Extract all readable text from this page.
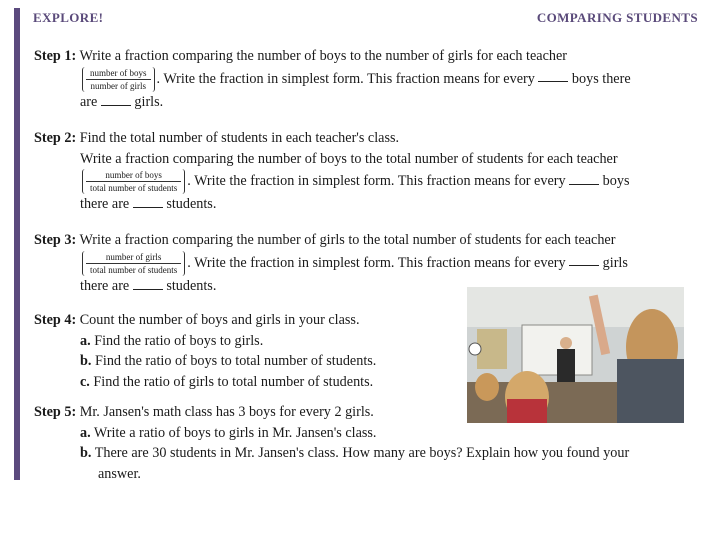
EXPLORE!	COMPARING STUDENTS
Step 1: Write a fraction comparing the number of boys to the number of girls for each teacher
$\frac{\text{number of boys}}{\text{number of girls}}$ . Write the fraction in simplest form. This fraction means for every	boys there
are	girls.
Step 2: Find the total number of students in each teacher's class.
Write a fraction comparing the number of boys to the total number of students for each teacher
$\frac{\text{number of boys}}{\text{total number of students}}$ . Write the fraction in simplest form. This fraction means for every	boys
there are	students.
Step 3: Write a fraction comparing the number of girls to the total number of students for each teacher
$\frac{\text{number of girls}}{\text{total number of students}}$ . Write the fraction in simplest form. This fraction means for every	girls
there are	students.
Step 4: Count the number of boys and girls in your class.
a. Find the ratio of boys to girls.
b. Find the ratio of boys to total number of students.
c. Find the ratio of girls to total number of students.
Step 5: Mr. Jansen's math class has 3 boys for every 2 girls.
a. Write a ratio of boys to girls in Mr. Jansen's class.
b. There are 30 students in Mr. Jansen's class. How many are boys? Explain how you found your
answer.
